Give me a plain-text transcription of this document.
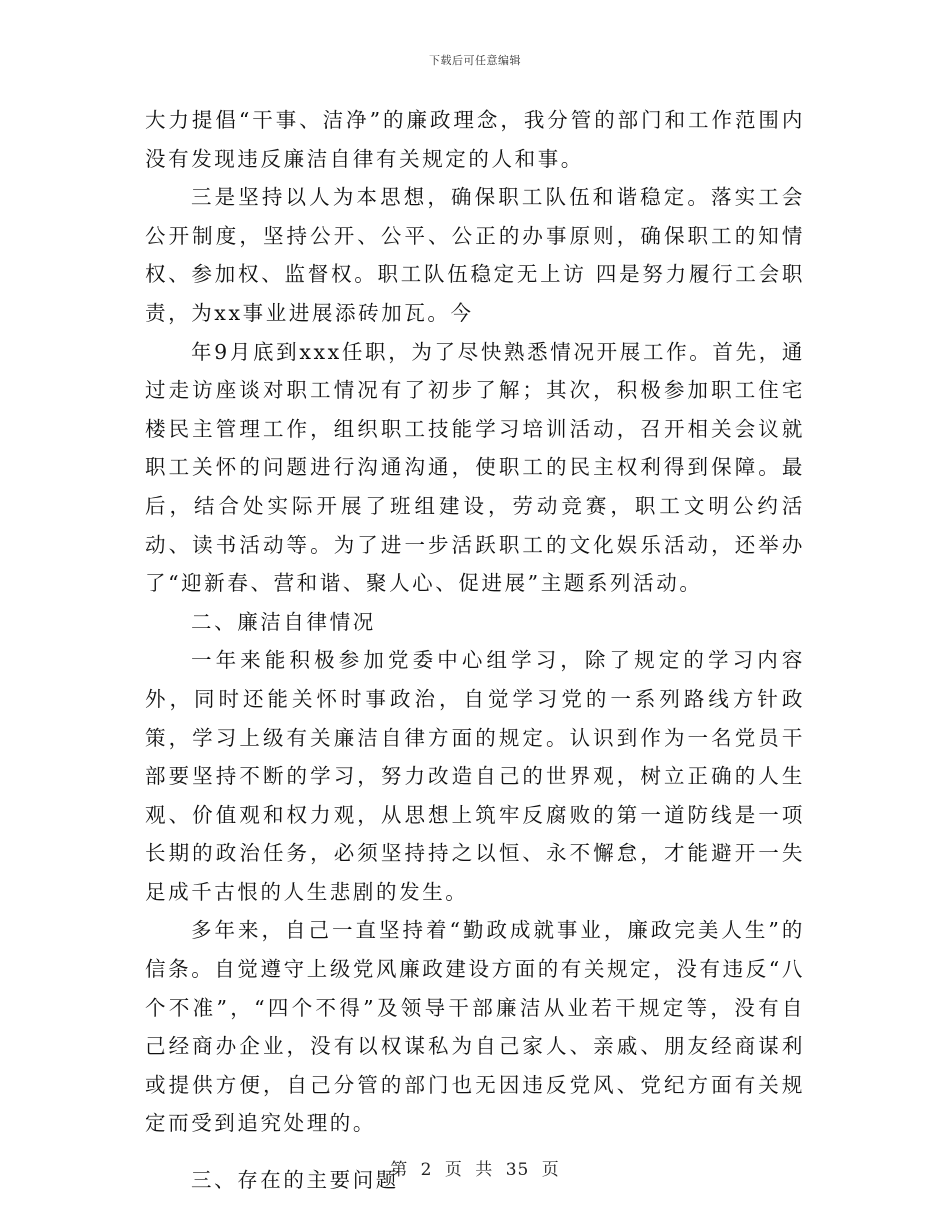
下载后可任意编辑

大力提倡“干事、洁净”的廉政理念，我分管的部门和工作范围内没有发现违反廉洁自律有关规定的人和事。

三是坚持以人为本思想，确保职工队伍和谐稳定。落实工会公开制度，坚持公开、公平、公正的办事原则，确保职工的知情权、参加权、监督权。职工队伍稳定无上访 四是努力履行工会职责，为xx事业进展添砖加瓦。今

年9月底到xxx任职，为了尽快熟悉情况开展工作。首先，通过走访座谈对职工情况有了初步了解；其次，积极参加职工住宅楼民主管理工作，组织职工技能学习培训活动，召开相关会议就职工关怀的问题进行沟通沟通，使职工的民主权利得到保障。最后，结合处实际开展了班组建设，劳动竞赛，职工文明公约活动、读书活动等。为了进一步活跃职工的文化娱乐活动，还举办了“迎新春、营和谐、聚人心、促进展”主题系列活动。

二、廉洁自律情况

一年来能积极参加党委中心组学习，除了规定的学习内容外，同时还能关怀时事政治，自觉学习党的一系列路线方针政策，学习上级有关廉洁自律方面的规定。认识到作为一名党员干部要坚持不断的学习，努力改造自己的世界观，树立正确的人生观、价值观和权力观，从思想上筑牢反腐败的第一道防线是一项长期的政治任务，必须坚持持之以恒、永不懈怠，才能避开一失足成千古恨的人生悲剧的发生。

多年来，自己一直坚持着“勤政成就事业，廉政完美人生”的信条。自觉遵守上级党风廉政建设方面的有关规定，没有违反“八个不准”，“四个不得”及领导干部廉洁从业若干规定等，没有自己经商办企业，没有以权谋私为自己家人、亲戚、朋友经商谋利或提供方便，自己分管的部门也无因违反党风、党纪方面有关规定而受到追究处理的。

三、存在的主要问题

第 2 页 共 35 页
